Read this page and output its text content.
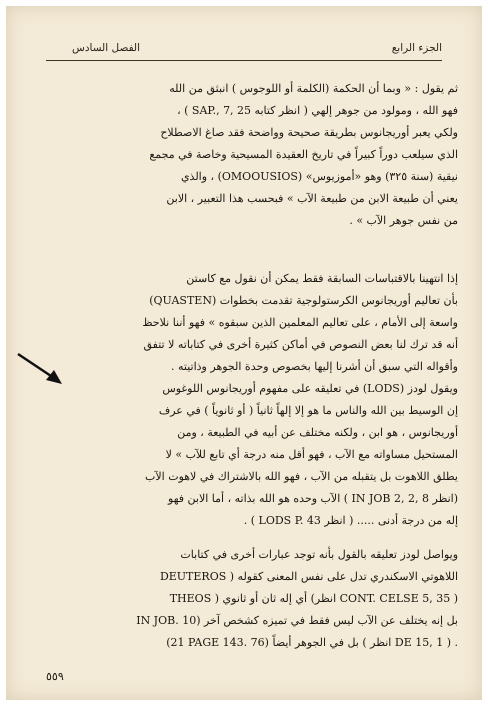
الجزء الرابع
الفصل السادس
ثم يقول : « وبما أن الحكمة (الكلمة أو اللوجوس ) انبثق من الله
فهو الله ، ومولود من جوهر إلهي ( انظر كتابه SAP., 7, 25 ) ،
ولكي يعبر أوريجانوس بطريقة صحيحة وواضحة فقد صاغ الاصطلاح
الذي سيلعب دوراً كبيراً في تاريخ العقيدة المسيحية وخاصة في مجمع
نيقية (سنة ٣٢٥) وهو «أموزيوس» (OMOOUSIOS) ، والذي
يعني أن طبيعة الابن من طبيعة الآب » فبحسب هذا التعبير ، الابن
من نفس جوهر الآب » .
إذا انتهينا بالاقتباسات السابقة فقط يمكن أن نقول مع كاستن
(QUASTEN) بأن تعاليم أوريجانوس الكرستولوجية تقدمت بخطوات
واسعة إلى الأمام ، على تعاليم المعلمين الذين سبقوه » فهو أننا نلاحظ
أنه قد ترك لنا بعض النصوص في أماكن كثيرة أخرى في كتاباته لا تتفق
وأقواله التي سبق أن أشرنا إليها بخصوص وحدة الجوهر وذاتيته .
ويقول لودز (LODS) في تعليقه على مفهوم أوريجانوس اللوغوس
إن الوسيط بين الله والناس ما هو إلا إلهاً ثانياً ( أو ثانوياً ) في عرف
أوريجانوس ، هو ابن ، ولكنه مختلف عن أبيه في الطبيعة ، ومن
المستحيل مساواته مع الآب ، فهو أقل منه درجة أي تابع للآب » لا
يطلق اللاهوت بل يتقبله من الآب ، فهو الله بالاشتراك في لاهوت الآب
(انظر IN JOB 2, 2, 8 ) الآب وحده هو الله بذاته ، أما الابن فهو
إله من درجة أدنى ..... ( انظر LODS P. 43 ) .
ويواصل لودز تعليقه بالقول بأنه توجد عبارات أخرى في كتابات
اللاهوتي الاسكندري تدل على نفس المعنى كقوله ( DEUTEROS
THEOS ) أي إله ثان أو ثانوي (انظر CONT. CELSE 5, 35 )
بل إنه يختلف عن الآب ليس فقط في تميزه كشخص آخر (IN JOB. 10
(21 PAGE 143. 76) بل في الجوهر أيضاً ( انظر DE 15, 1 ) .
٥٥٩
